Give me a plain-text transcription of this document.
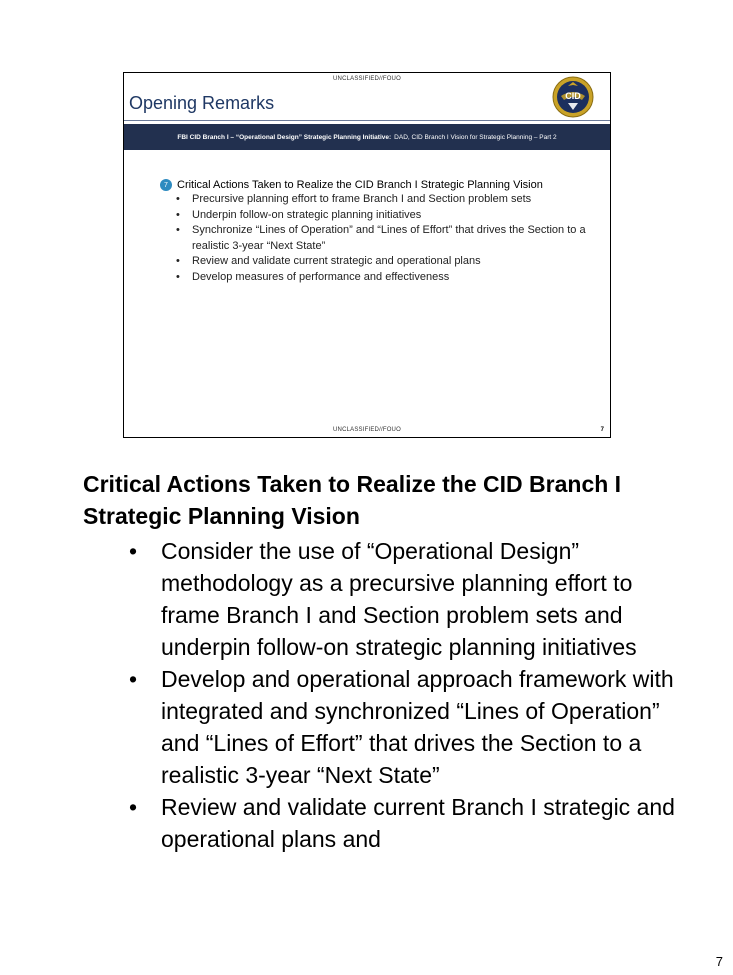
UNCLASSIFIED//FOUO
Opening Remarks	CID
FBI CID Branch I – “Operational Design” Strategic Planning Initiative: DAD, CID Branch I Vision for Strategic Planning – Part 2
7 Critical Actions Taken to Realize the CID Branch I Strategic Planning Vision
• Precursive planning effort to frame Branch I and Section problem sets
• Underpin follow-on strategic planning initiatives
• Synchronize “Lines of Operation” and “Lines of Effort” that drives the Section to a realistic 3-year “Next State”
• Review and validate current strategic and operational plans
• Develop measures of performance and effectiveness
UNCLASSIFIED//FOUO	7

Critical Actions Taken to Realize the CID Branch I Strategic Planning Vision

• Consider the use of “Operational Design” methodology as a precursive planning effort to frame Branch I and Section problem sets and underpin follow-on strategic planning initiatives
• Develop and operational approach framework with integrated and synchronized “Lines of Operation” and “Lines of Effort” that drives the Section to a realistic 3-year “Next State”
• Review and validate current Branch I strategic and operational plans and
7
